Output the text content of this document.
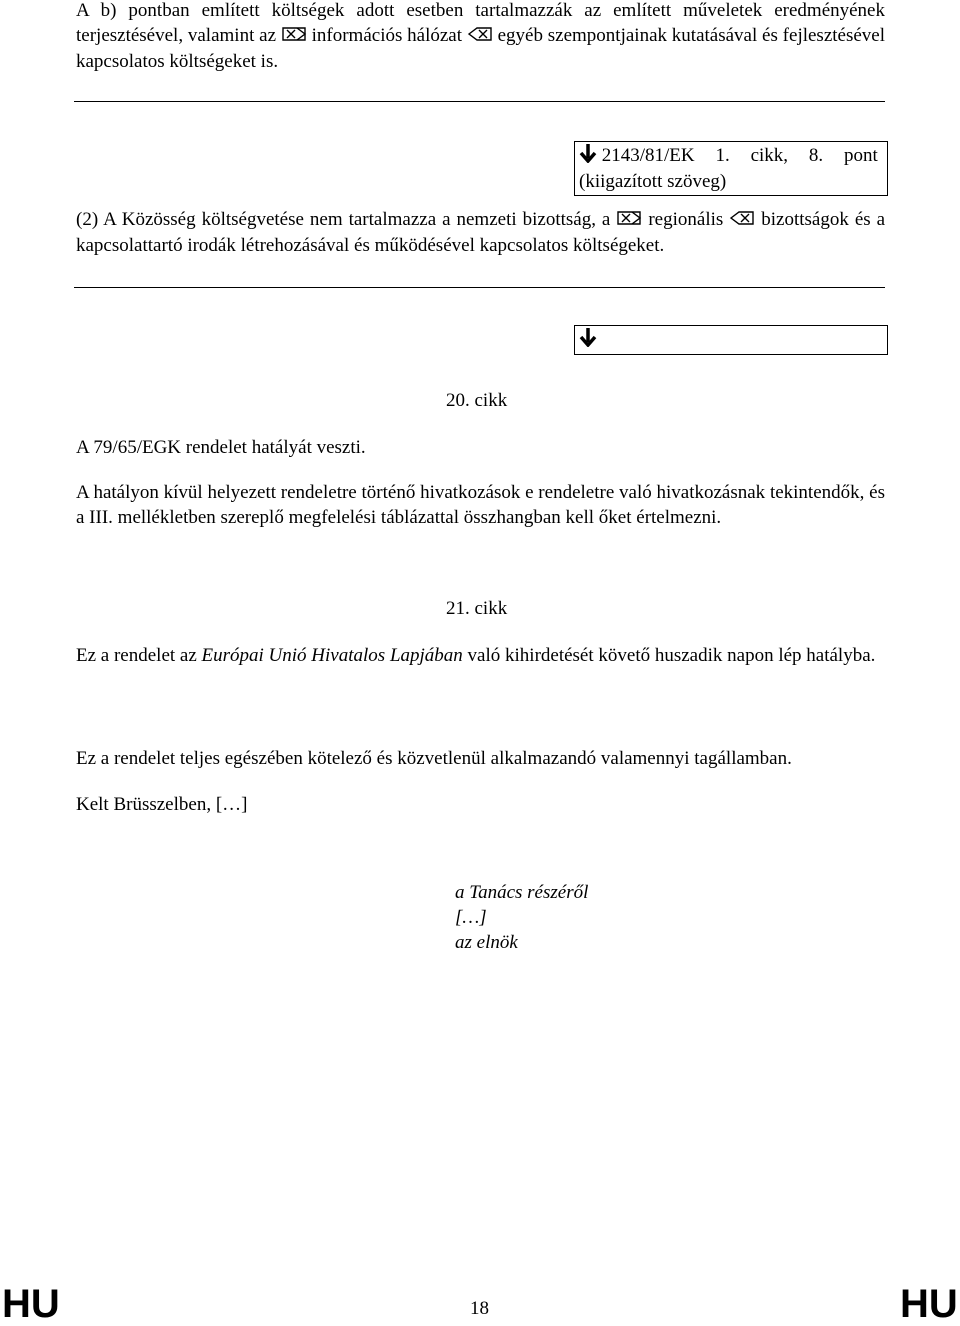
A b) pontban említett költségek adott esetben tartalmazzák az említett műveletek eredményének terjesztésével, valamint az információs hálózat egyéb szempontjainak kutatásával és fejlesztésével kapcsolatos költségeket is.
2143/81/EK 1. cikk, 8. pont
(kiigazított szöveg)
(2) A Közösség költségvetése nem tartalmazza a nemzeti bizottság, a regionális bizottságok és a kapcsolattartó irodák létrehozásával és működésével kapcsolatos költségeket.
20. cikk
A 79/65/EGK rendelet hatályát veszti.
A hatályon kívül helyezett rendeletre történő hivatkozások e rendeletre való hivatkozásnak tekintendők, és a III. mellékletben szereplő megfelelési táblázattal összhangban kell őket értelmezni.
21. cikk
Ez a rendelet az Európai Unió Hivatalos Lapjában való kihirdetését követő huszadik napon lép hatályba.
Ez a rendelet teljes egészében kötelező és közvetlenül alkalmazandó valamennyi tagállamban.
Kelt Brüsszelben, […]
a Tanács részéről
[…]
az elnök
HU	18	HU
